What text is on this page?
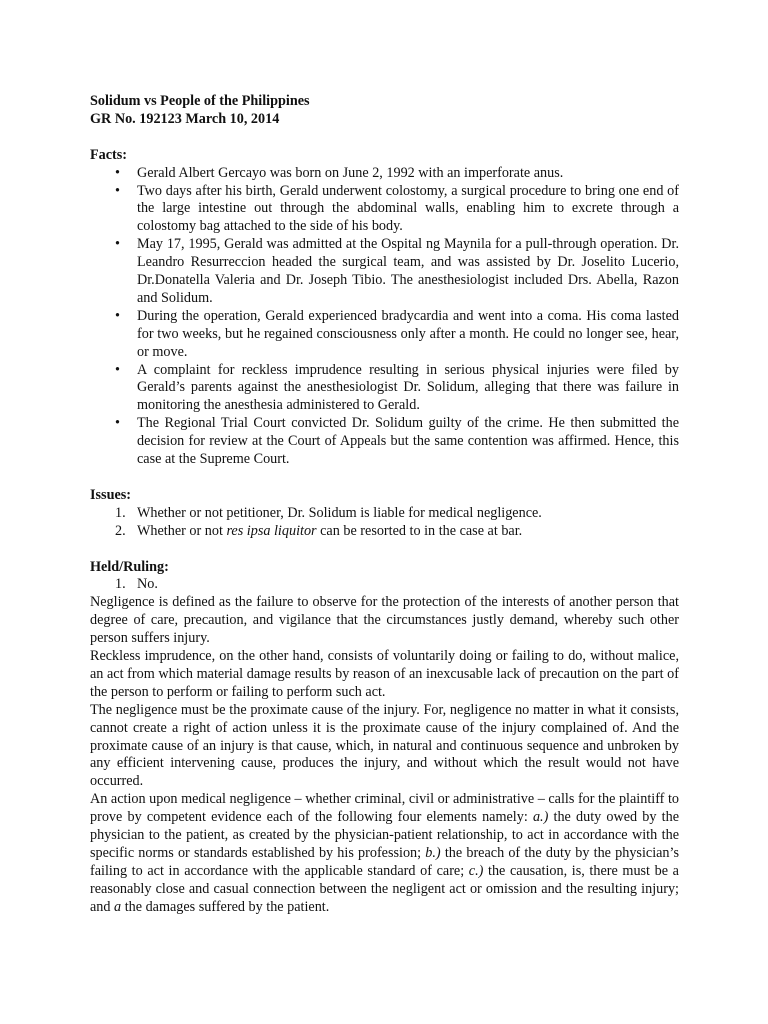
Solidum vs People of the Philippines

GR No. 192123 March 10, 2014

Facts:

• Gerald Albert Gercayo was born on June 2, 1992 with an imperforate anus.
• Two days after his birth, Gerald underwent colostomy, a surgical procedure to bring one end of the large intestine out through the abdominal walls, enabling him to excrete through a colostomy bag attached to the side of his body.
• May 17, 1995, Gerald was admitted at the Ospital ng Maynila for a pull-through operation. Dr. Leandro Resurreccion headed the surgical team, and was assisted by Dr. Joselito Lucerio, Dr.Donatella Valeria and Dr. Joseph Tibio. The anesthesiologist included Drs. Abella, Razon and Solidum.
• During the operation, Gerald experienced bradycardia and went into a coma. His coma lasted for two weeks, but he regained consciousness only after a month. He could no longer see, hear, or move.
• A complaint for reckless imprudence resulting in serious physical injuries were filed by Gerald’s parents against the anesthesiologist Dr. Solidum, alleging that there was failure in monitoring the anesthesia administered to Gerald.
• The Regional Trial Court convicted Dr. Solidum guilty of the crime. He then submitted the decision for review at the Court of Appeals but the same contention was affirmed. Hence, this case at the Supreme Court.

Issues:

1. Whether or not petitioner, Dr. Solidum is liable for medical negligence.
2. Whether or not res ipsa liquitor can be resorted to in the case at bar.

Held/Ruling:

1. No.

Negligence is defined as the failure to observe for the protection of the interests of another person that degree of care, precaution, and vigilance that the circumstances justly demand, whereby such other person suffers injury.

Reckless imprudence, on the other hand, consists of voluntarily doing or failing to do, without malice, an act from which material damage results by reason of an inexcusable lack of precaution on the part of the person to perform or failing to perform such act.

The negligence must be the proximate cause of the injury. For, negligence no matter in what it consists, cannot create a right of action unless it is the proximate cause of the injury complained of. And the proximate cause of an injury is that cause, which, in natural and continuous sequence and unbroken by any efficient intervening cause, produces the injury, and without which the result would not have occurred.

An action upon medical negligence – whether criminal, civil or administrative – calls for the plaintiff to prove by competent evidence each of the following four elements namely: a.) the duty owed by the physician to the patient, as created by the physician-patient relationship, to act in accordance with the specific norms or standards established by his profession; b.) the breach of the duty by the physician’s failing to act in accordance with the applicable standard of care; c.) the causation, is, there must be a reasonably close and casual connection between the negligent act or omission and the resulting injury; and a the damages suffered by the patient.
